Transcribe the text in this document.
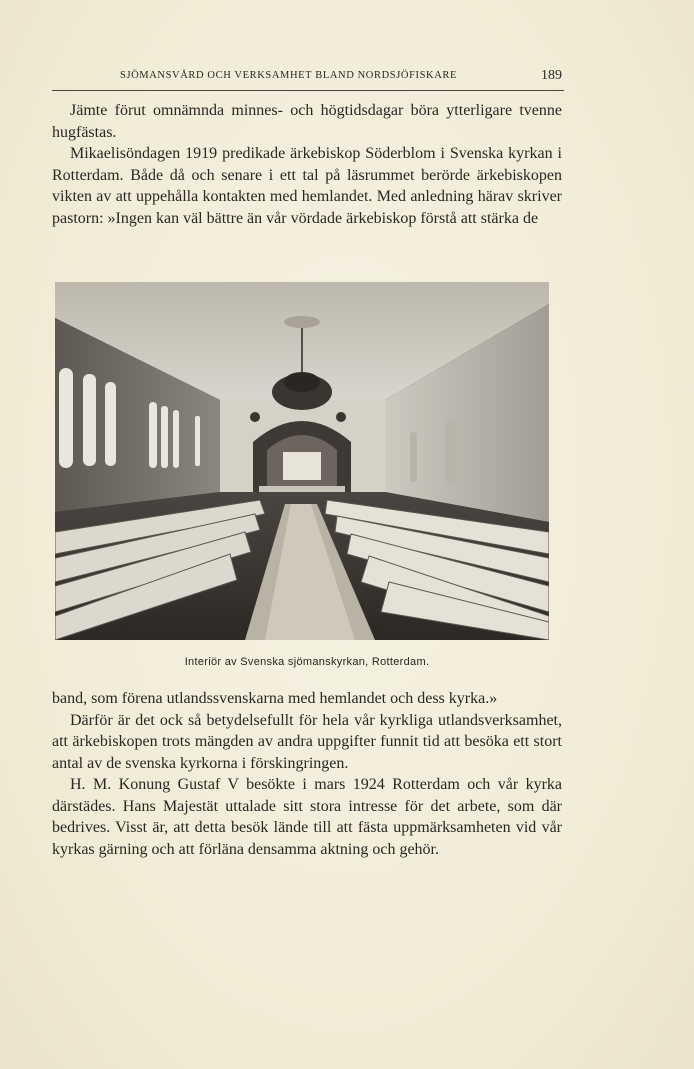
SJÖMANSVÅRD OCH VERKSAMHET BLAND NORDSJÖFISKARE	189

Jämte förut omnämnda minnes- och högtidsdagar böra ytterligare tvenne hugfästas.

Mikaelisöndagen 1919 predikade ärkebiskop Söderblom i Svenska kyrkan i Rotterdam. Både då och senare i ett tal på läsrummet berörde ärkebiskopen vikten av att uppehålla kontakten med hemlandet. Med anledning härav skriver pastorn: »Ingen kan väl bättre än vår vördade ärkebiskop förstå att stärka de

Interiör av Svenska sjömanskyrkan, Rotterdam.

band, som förena utlandssvenskarna med hemlandet och dess kyrka.»

Därför är det ock så betydelsefullt för hela vår kyrkliga utlandsverksamhet, att ärkebiskopen trots mängden av andra uppgifter funnit tid att besöka ett stort antal av de svenska kyrkorna i förskingringen.

H. M. Konung Gustaf V besökte i mars 1924 Rotterdam och vår kyrka därstädes. Hans Majestät uttalade sitt stora intresse för det arbete, som där bedrives. Visst är, att detta besök lände till att fästa uppmärksamheten vid vår kyrkas gärning och att förläna densamma aktning och gehör.
